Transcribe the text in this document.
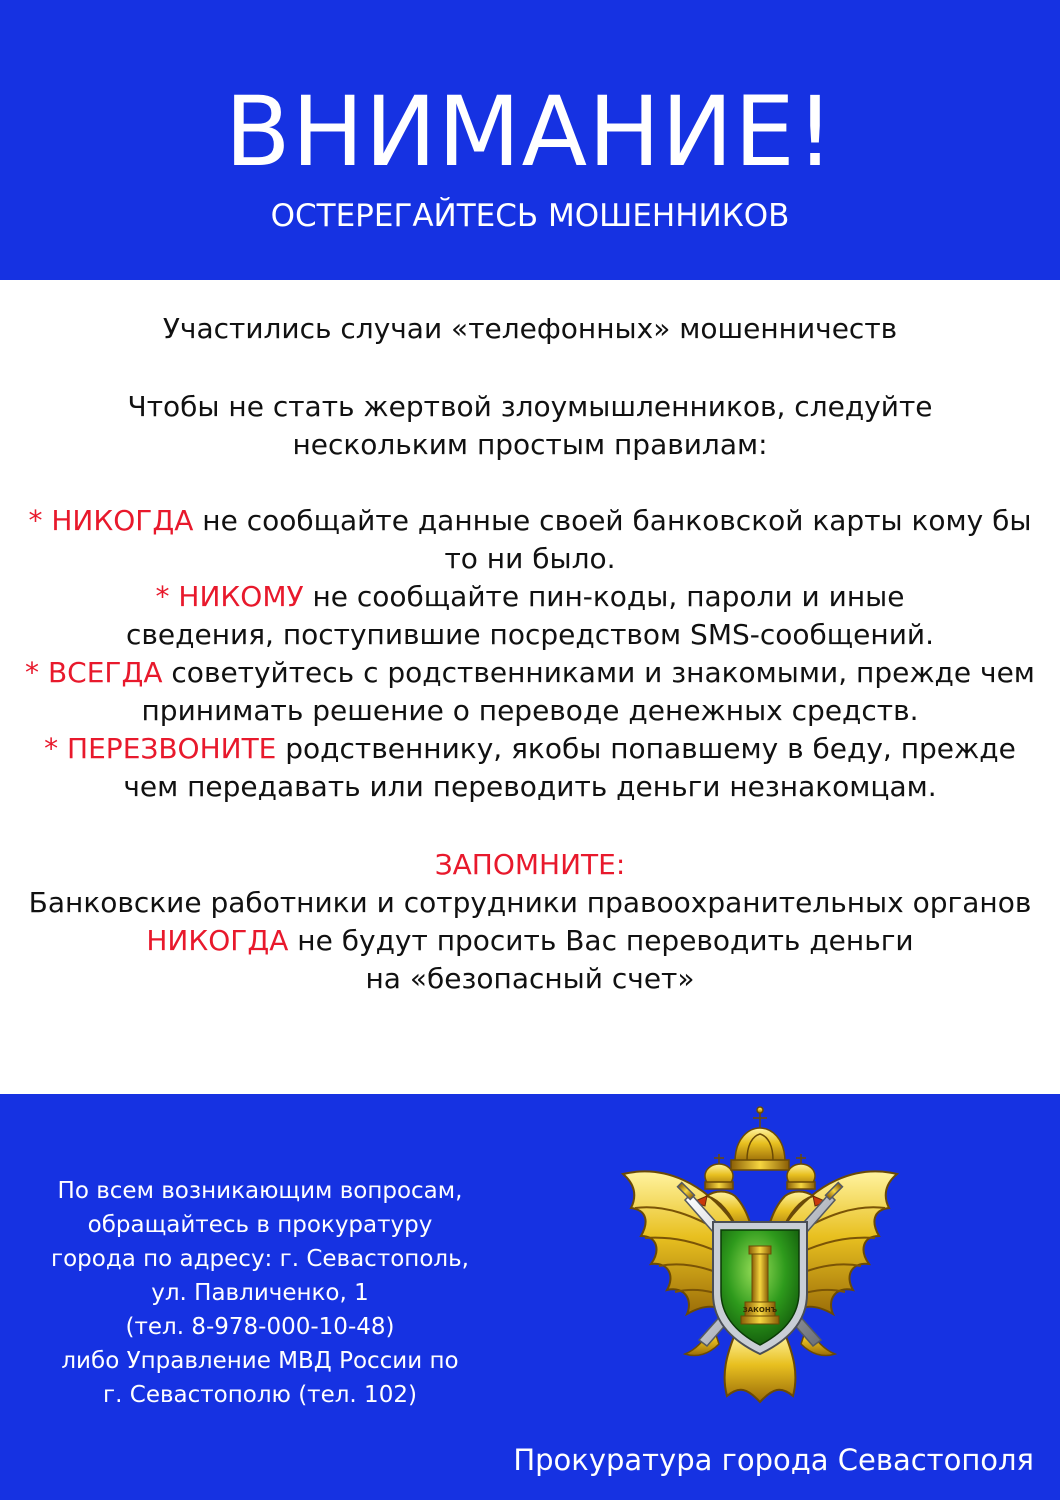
ВНИМАНИЕ!
ОСТЕРЕГАЙТЕСЬ МОШЕННИКОВ
Участились случаи «телефонных» мошенничеств
Чтобы не стать жертвой злоумышленников, следуйте
нескольким простым правилам:
* НИКОГДА не сообщайте данные своей банковской карты кому бы
то ни было.
* НИКОМУ не сообщайте пин-коды, пароли и иные
сведения, поступившие посредством SMS-сообщений.
* ВСЕГДА советуйтесь с родственниками и знакомыми, прежде чем
принимать решение о переводе денежных средств.
* ПЕРЕЗВОНИТЕ родственнику, якобы попавшему в беду, прежде
чем передавать или переводить деньги незнакомцам.
ЗАПОМНИТЕ:
Банковские работники и сотрудники правоохранительных органов
НИКОГДА не будут просить Вас переводить деньги
на «безопасный счет»
По всем возникающим вопросам,
обращайтесь в прокуратуру
города по адресу: г. Севастополь,
ул. Павличенко, 1
(тел. 8-978-000-10-48)
либо Управление МВД России по
г. Севастополю (тел. 102)
ЗАКОНЪ
Прокуратура города Севастополя
